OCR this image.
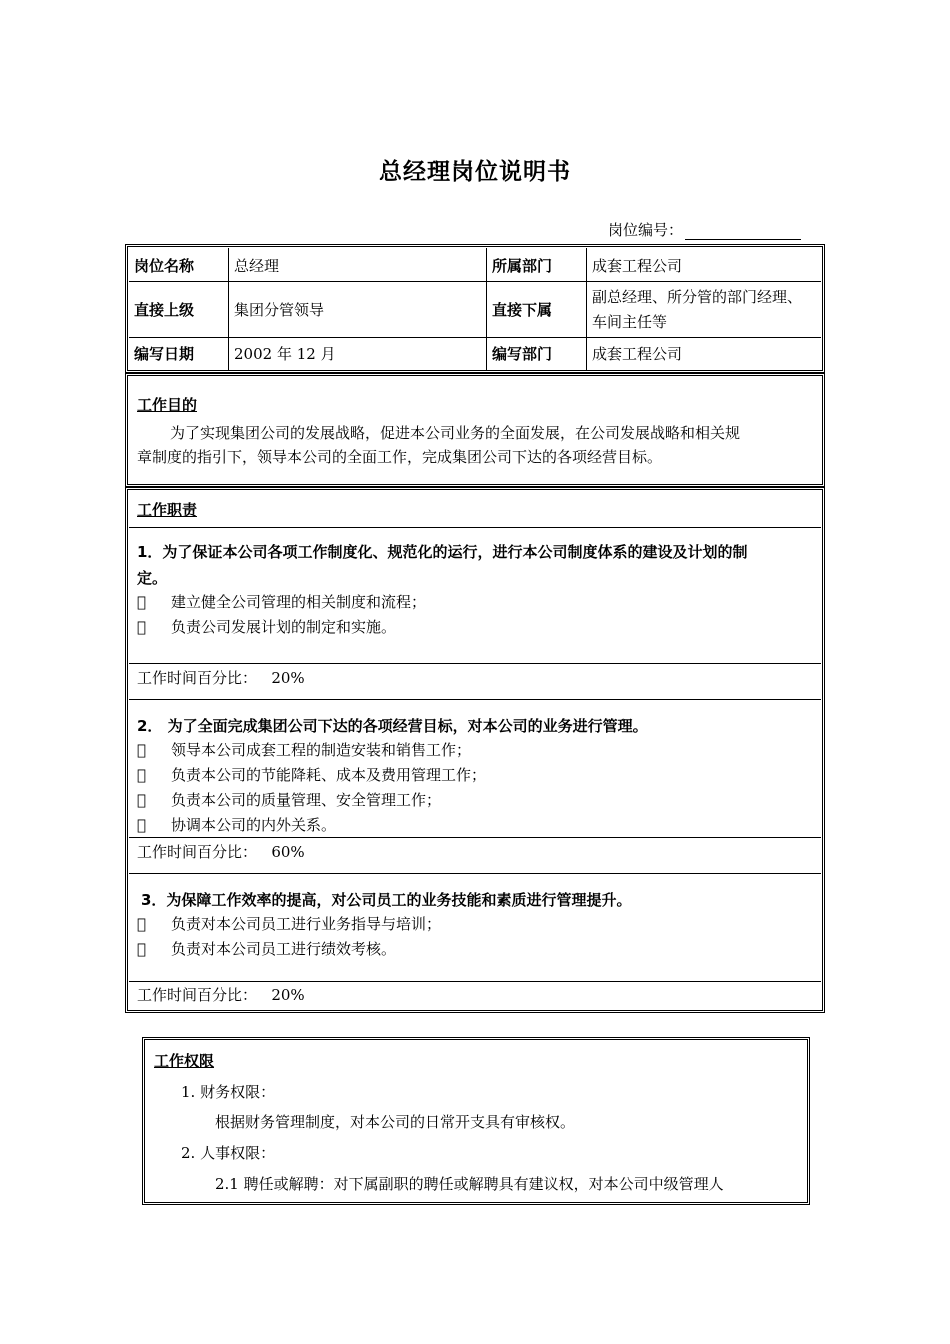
总经理岗位说明书
岗位编号：
岗位名称	总经理	所属部门	成套工程公司
直接上级	集团分管领导	直接下属
副总经理、所分管的部门经理、
车间主任等
编写日期	2002 年 12 月	编写部门	成套工程公司
工作目的
为了实现集团公司的发展战略，促进本公司业务的全面发展，在公司发展战略和相关规
章制度的指引下，领导本公司的全面工作，完成集团公司下达的各项经营目标。
工作职责
1．为了保证本公司各项工作制度化、规范化的运行，进行本公司制度体系的建设及计划的制
定。
建立健全公司管理的相关制度和流程；
负责公司发展计划的制定和实施。
工作时间百分比： 20%
2． 为了全面完成集团公司下达的各项经营目标，对本公司的业务进行管理。
领导本公司成套工程的制造安装和销售工作；
负责本公司的节能降耗、成本及费用管理工作；
负责本公司的质量管理、安全管理工作；
协调本公司的内外关系。
工作时间百分比： 60%
3．为保障工作效率的提高，对公司员工的业务技能和素质进行管理提升。
负责对本公司员工进行业务指导与培训；
负责对本公司员工进行绩效考核。
工作时间百分比： 20%
工作权限
1. 财务权限：
根据财务管理制度，对本公司的日常开支具有审核权。
2. 人事权限：
2.1 聘任或解聘：对下属副职的聘任或解聘具有建议权，对本公司中级管理人
